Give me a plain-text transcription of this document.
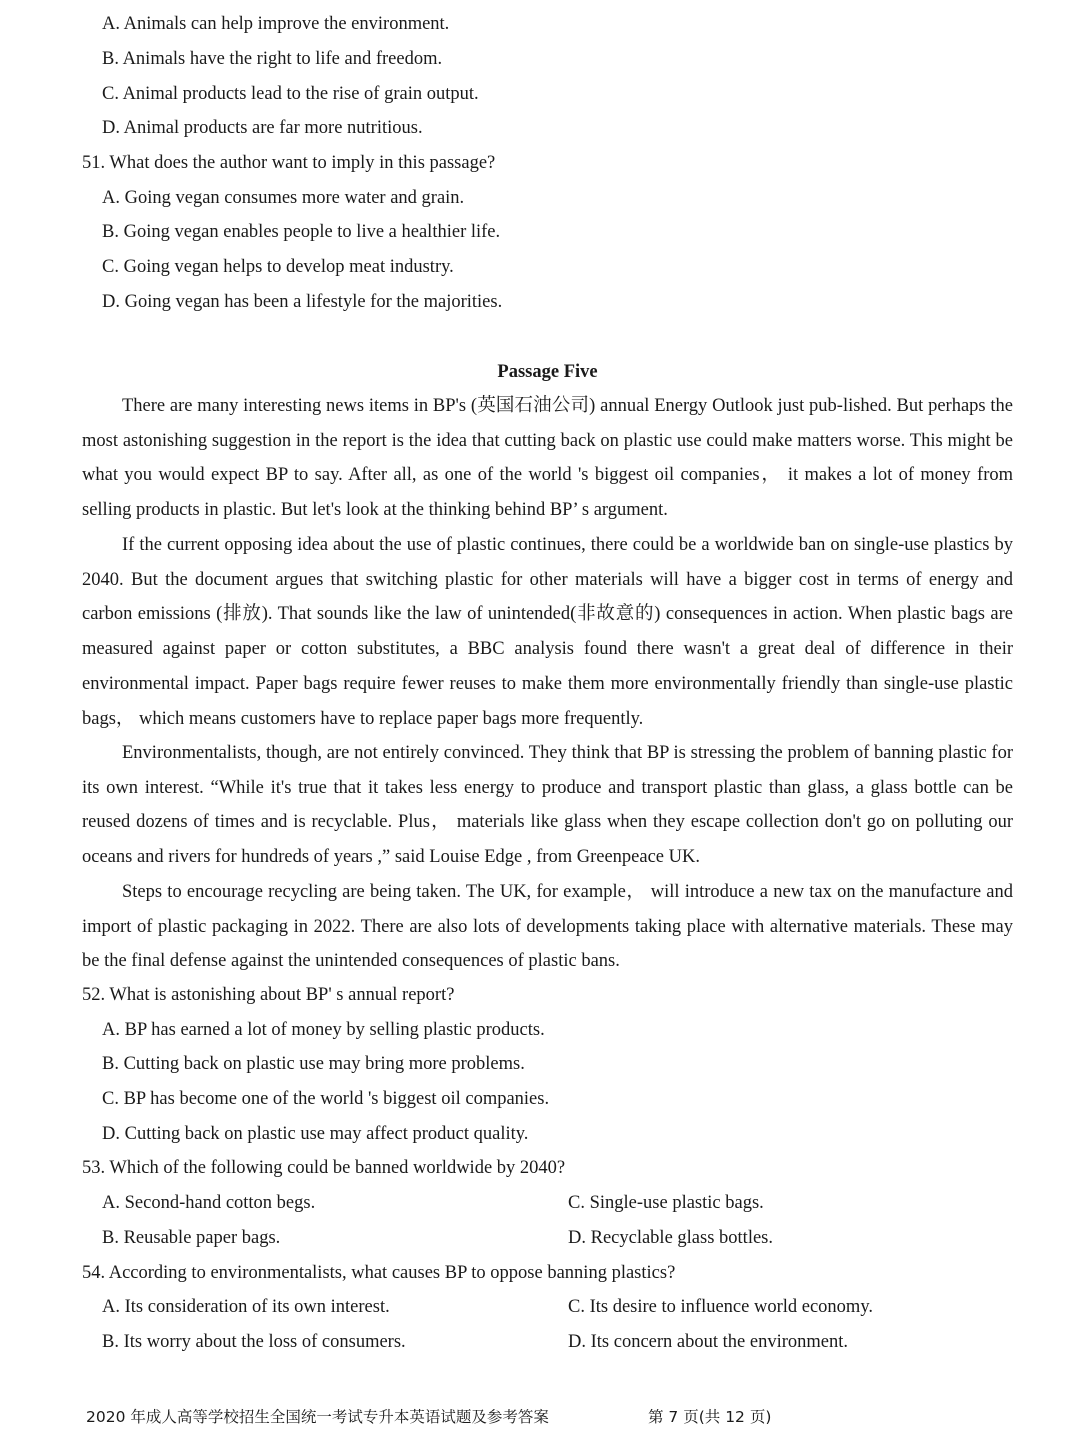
A. Animals can help improve the environment.
B. Animals have the right to life and freedom.
C. Animal products lead to the rise of grain output.
D. Animal products are far more nutritious.
51. What does the author want to imply in this passage?
A. Going vegan consumes more water and grain.
B. Going vegan enables people to live a healthier life.
C. Going vegan helps to develop meat industry.
D. Going vegan has been a lifestyle for the majorities.
Passage Five

There are many interesting news items in BP's (英国石油公司) annual Energy Outlook just pub-lished. But perhaps the most astonishing suggestion in the report is the idea that cutting back on plastic use could make matters worse. This might be what you would expect BP to say. After all, as one of the world 's biggest oil companies， it makes a lot of money from selling products in plastic. But let's look at the thinking behind BP’ s argument.

If the current opposing idea about the use of plastic continues, there could be a worldwide ban on single-use plastics by 2040. But the document argues that switching plastic for other materials will have a bigger cost in terms of energy and carbon emissions (排放). That sounds like the law of unintended(非故意的) consequences in action. When plastic bags are measured against paper or cotton substitutes, a BBC analysis found there wasn't a great deal of difference in their environmental impact. Paper bags require fewer reuses to make them more environmentally friendly than single-use plastic bags， which means customers have to replace paper bags more frequently.

Environmentalists, though, are not entirely convinced. They think that BP is stressing the problem of banning plastic for its own interest. “While it's true that it takes less energy to produce and transport plastic than glass, a glass bottle can be reused dozens of times and is recyclable. Plus， materials like glass when they escape collection don't go on polluting our oceans and rivers for hundreds of years ,” said Louise Edge , from Greenpeace UK.

Steps to encourage recycling are being taken. The UK, for example， will introduce a new tax on the manufacture and import of plastic packaging in 2022. There are also lots of developments taking place with alternative materials. These may be the final defense against the unintended consequences of plastic bans.

52. What is astonishing about BP' s annual report?
A. BP has earned a lot of money by selling plastic products.
B. Cutting back on plastic use may bring more problems.
C. BP has become one of the world 's biggest oil companies.
D. Cutting back on plastic use may affect product quality.
53. Which of the following could be banned worldwide by 2040?
A. Second-hand cotton begs.	C. Single-use plastic bags.
B. Reusable paper bags.	D. Recyclable glass bottles.
54. According to environmentalists, what causes BP to oppose banning plastics?
A. Its consideration of its own interest.	C. Its desire to influence world economy.
B. Its worry about the loss of consumers.	D. Its concern about the environment.
2020 年成人高等学校招生全国统一考试专升本英语试题及参考答案	第 7 页(共 12 页)
